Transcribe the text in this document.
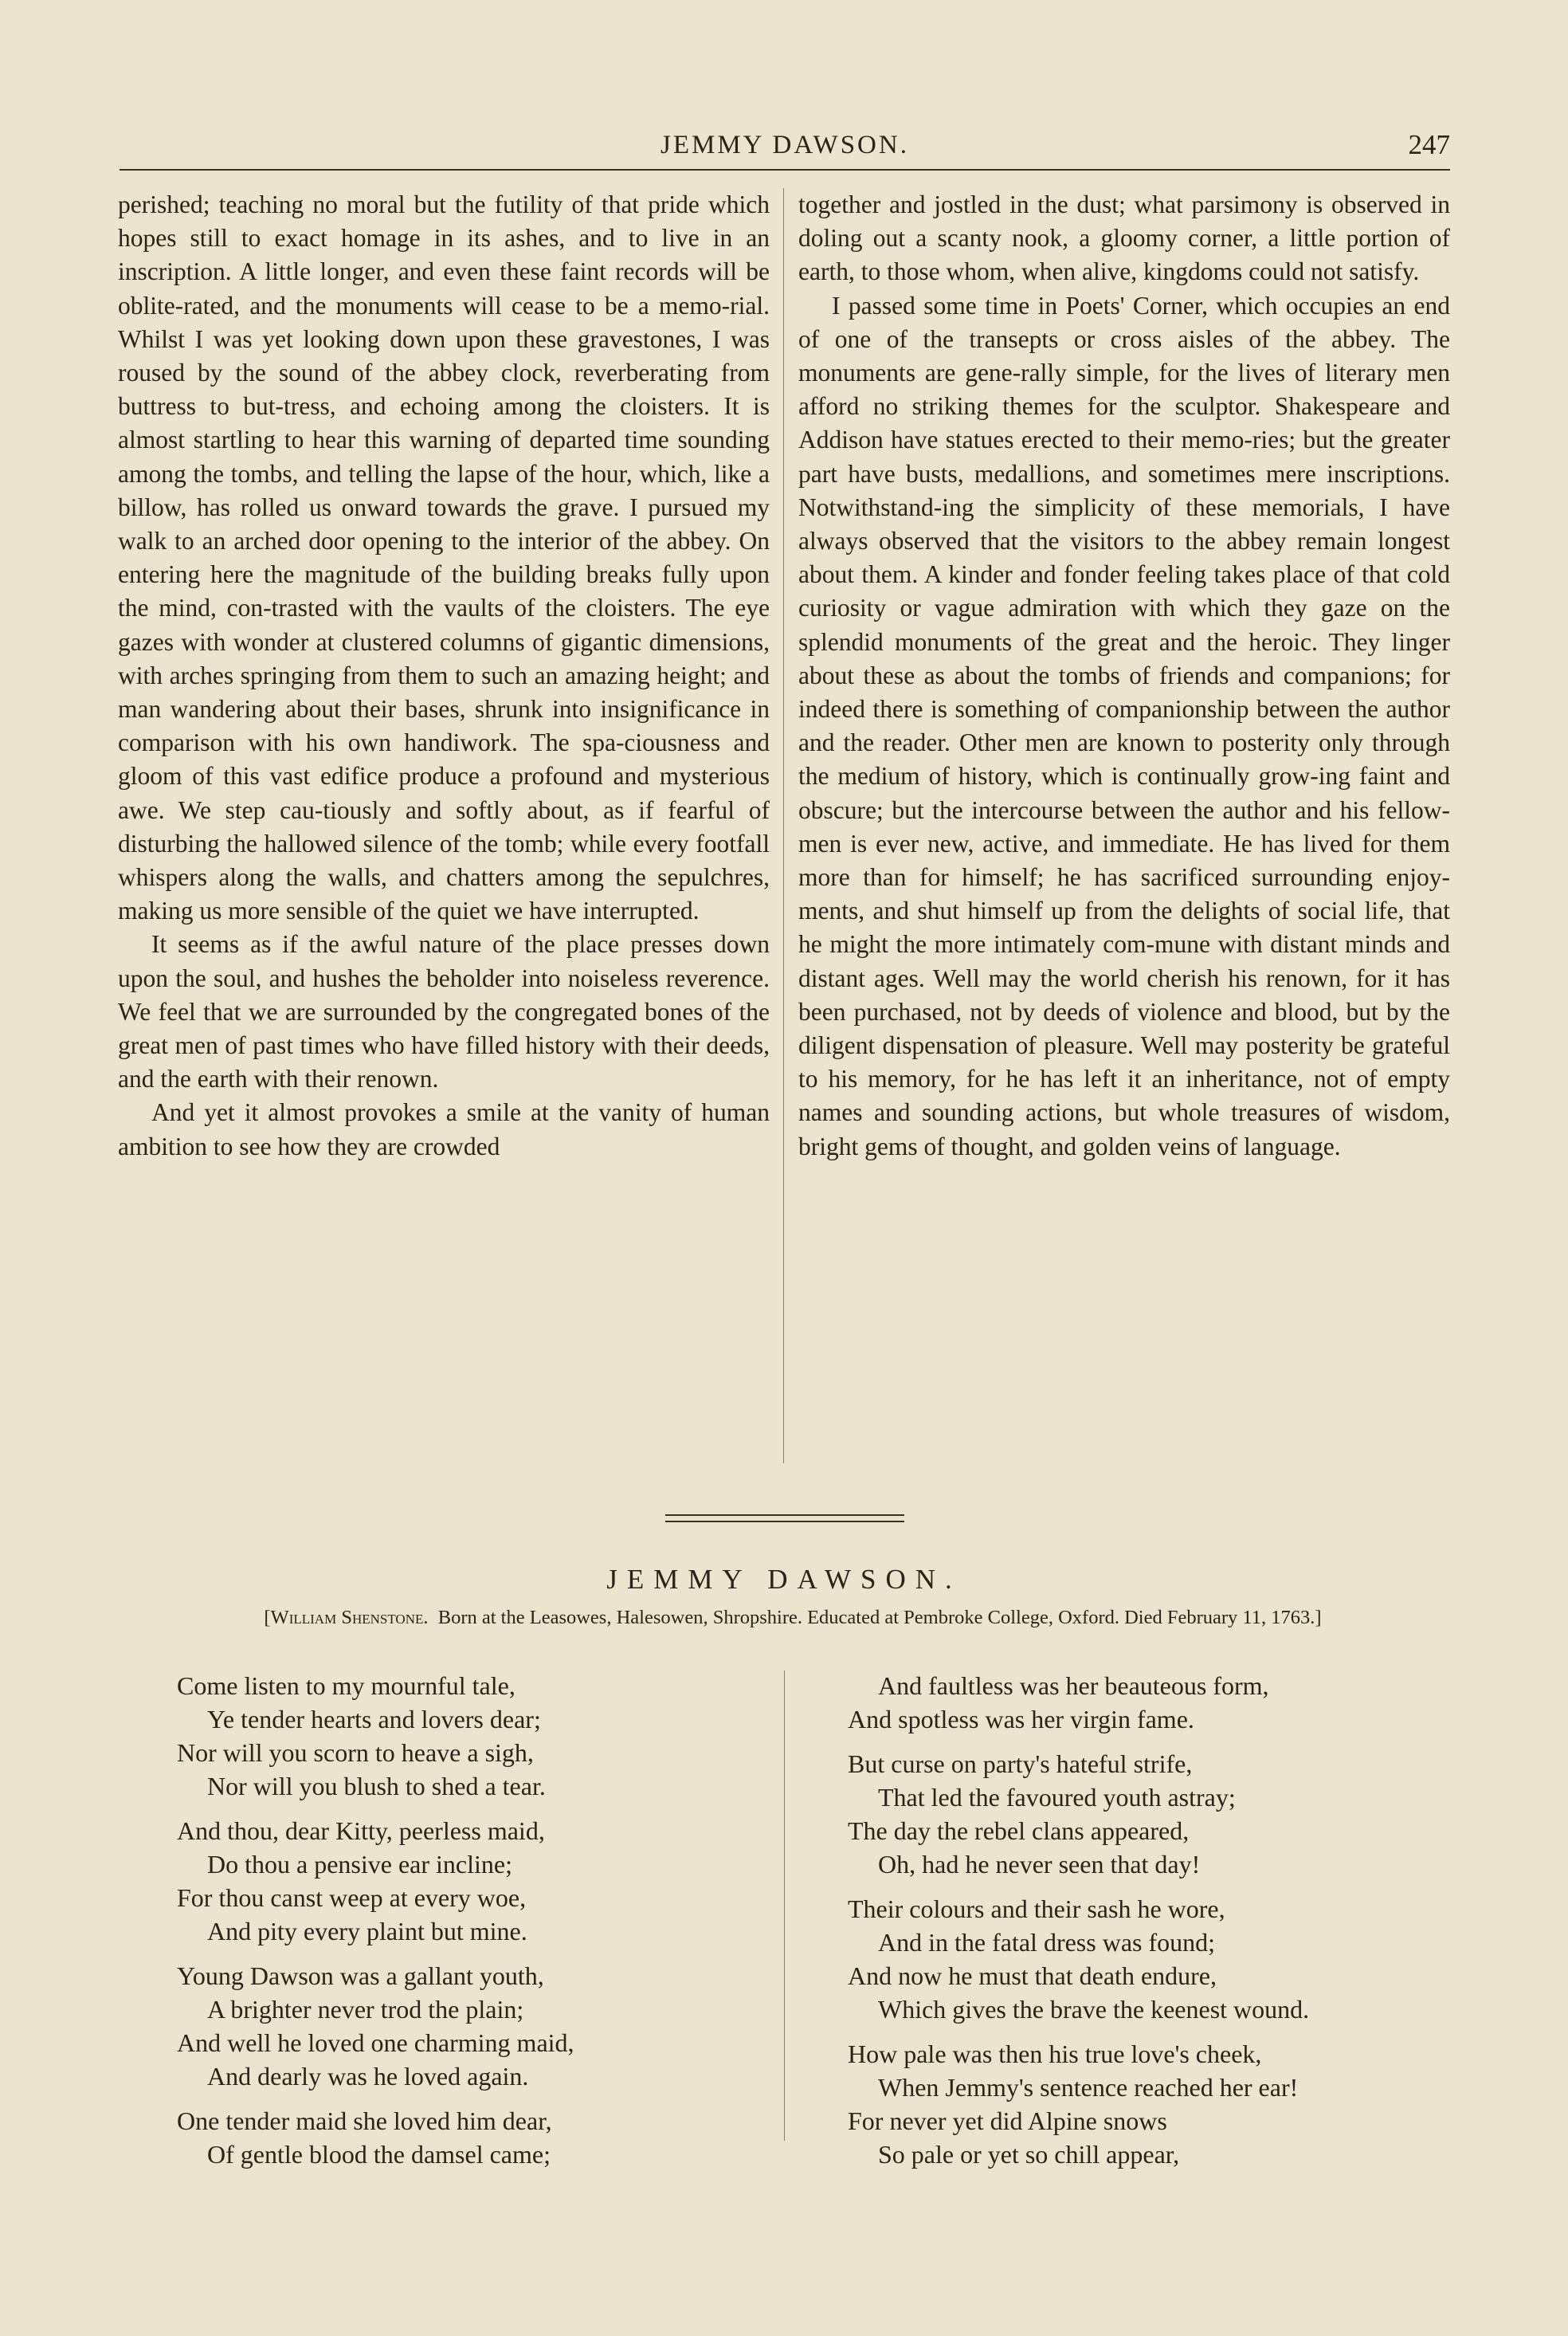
JEMMY DAWSON.	247

perished; teaching no moral but the futility of that pride which hopes still to exact homage in its ashes, and to live in an inscription. A little longer, and even these faint records will be oblite-rated, and the monuments will cease to be a memo-rial. Whilst I was yet looking down upon these gravestones, I was roused by the sound of the abbey clock, reverberating from buttress to but-tress, and echoing among the cloisters. It is almost startling to hear this warning of departed time sounding among the tombs, and telling the lapse of the hour, which, like a billow, has rolled us onward towards the grave. I pursued my walk to an arched door opening to the interior of the abbey. On entering here the magnitude of the building breaks fully upon the mind, con-trasted with the vaults of the cloisters. The eye gazes with wonder at clustered columns of gigantic dimensions, with arches springing from them to such an amazing height; and man wandering about their bases, shrunk into insignificance in comparison with his own handiwork. The spa-ciousness and gloom of this vast edifice produce a profound and mysterious awe. We step cau-tiously and softly about, as if fearful of disturbing the hallowed silence of the tomb; while every footfall whispers along the walls, and chatters among the sepulchres, making us more sensible of the quiet we have interrupted.

It seems as if the awful nature of the place presses down upon the soul, and hushes the beholder into noiseless reverence. We feel that we are surrounded by the congregated bones of the great men of past times who have filled history with their deeds, and the earth with their renown.

And yet it almost provokes a smile at the vanity of human ambition to see how they are crowded

together and jostled in the dust; what parsimony is observed in doling out a scanty nook, a gloomy corner, a little portion of earth, to those whom, when alive, kingdoms could not satisfy.

I passed some time in Poets' Corner, which occupies an end of one of the transepts or cross aisles of the abbey. The monuments are gene-rally simple, for the lives of literary men afford no striking themes for the sculptor. Shakespeare and Addison have statues erected to their memo-ries; but the greater part have busts, medallions, and sometimes mere inscriptions. Notwithstand-ing the simplicity of these memorials, I have always observed that the visitors to the abbey remain longest about them. A kinder and fonder feeling takes place of that cold curiosity or vague admiration with which they gaze on the splendid monuments of the great and the heroic. They linger about these as about the tombs of friends and companions; for indeed there is something of companionship between the author and the reader. Other men are known to posterity only through the medium of history, which is continually grow-ing faint and obscure; but the intercourse between the author and his fellow-men is ever new, active, and immediate. He has lived for them more than for himself; he has sacrificed surrounding enjoy-ments, and shut himself up from the delights of social life, that he might the more intimately com-mune with distant minds and distant ages. Well may the world cherish his renown, for it has been purchased, not by deeds of violence and blood, but by the diligent dispensation of pleasure. Well may posterity be grateful to his memory, for he has left it an inheritance, not of empty names and sounding actions, but whole treasures of wisdom, bright gems of thought, and golden veins of language.

JEMMY DAWSON.
[William Shenstone. Born at the Leasowes, Halesowen, Shropshire. Educated at Pembroke College, Oxford. Died February 11, 1763.]
Come listen to my mournful tale,
Ye tender hearts and lovers dear;
Nor will you scorn to heave a sigh,
Nor will you blush to shed a tear.
And thou, dear Kitty, peerless maid,
Do thou a pensive ear incline;
For thou canst weep at every woe,
And pity every plaint but mine.
Young Dawson was a gallant youth,
A brighter never trod the plain;
And well he loved one charming maid,
And dearly was he loved again.
One tender maid she loved him dear,
Of gentle blood the damsel came;
And faultless was her beauteous form,
And spotless was her virgin fame.
But curse on party's hateful strife,
That led the favoured youth astray;
The day the rebel clans appeared,
Oh, had he never seen that day!
Their colours and their sash he wore,
And in the fatal dress was found;
And now he must that death endure,
Which gives the brave the keenest wound.
How pale was then his true love's cheek,
When Jemmy's sentence reached her ear!
For never yet did Alpine snows
So pale or yet so chill appear,
